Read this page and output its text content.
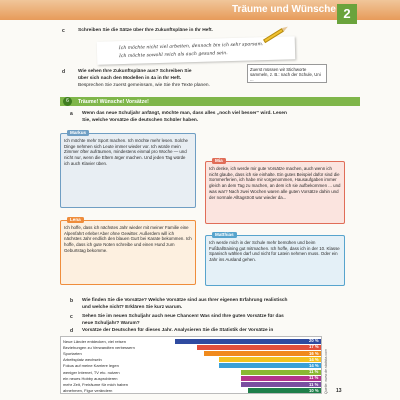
Träume und Wünsche 2
c	Schreiben Sie die Sätze über Ihre Zukunftspläne in Ihr Heft.
Ich möchte nicht viel arbeiten, dennoch bin ich sehr sparsam.
Ich möchte sowohl reich als auch gesund sein.
Zuerst müssen wir Stichworte sammeln, z. B.: nach der Schule, Uni ...
d	Wie sehen Ihre Zukunftspläne aus? Schreiben Sie
über sich nach den Modellen in 4a in Ihr Heft.
Besprechen Sie zuerst gemeinsam, wie Sie Ihre Texte planen.
6	Träume! Wünsche! Vorsätze!
a Wenn das neue Schuljahr anfängt, möchte man, dass alles „noch viel besser“ wird. Lesen
Sie, welche Vorsätze die deutschen Schüler haben.
Markus
Ich möchte mehr Sport machen. Ich möchte mehr lesen. Solche Dinge nehmen sich Leute immer wieder vor. Ich würde mein Zimmer öfter aufräumen, mindestens einmal pro Woche — und nicht nur, wenn die Eltern ärger machen. Und jeden Tag würde ich auch Klavier üben.
Mia
Ich denke, ich werde mir gute Vorsätze machen, auch wenn ich nicht glaube, dass ich sie einhalte. Ein gutes Beispiel dafür sind die Sommerferien, ich habe mir vorgenommen, Hausaufgaben immer gleich an dem Tag zu machen, an dem ich sie aufbekommen ... und was war? Nach zwei Wochen waren alle guten Vorsätze dahin und der normale Alltagstrott war wieder da...
Lena
Ich hoffe, dass ich nächstes Jahr wieder mit meiner Familie eine Alpenfahrt erlebe! Aber ohne Gewitter. Außerdem will ich nächstes Jahr endlich den blauen Gurt bei Karate bekommen. Ich hoffe, dass ich gute Noten schreibe und einen Hund zum Geburtstag bekomme.
Matthias
Ich werde mich in der Schule mehr bemühen und beim Fußballtraining gut mitmachen. Ich hoffe, dass ich in der 10. Klasse Spanisch wählen darf und nicht für Latein nehmen muss. Oder ein Jahr ins Ausland gehen.
b Wie finden Sie die Vorsätze? Welche Vorsätze sind aus Ihrer eigenen Erfahrung realistisch
und welche nicht? Erklären Sie kurz warum.
c Sehen Sie im neuen Schuljahr auch neue Chancen! Was sind Ihre guten Vorsätze für das
neue Schuljahr? Warum?
d Vorsätze der Deutschen für dieses Jahr. Analysieren Sie die Statistik der Vorsätze in
Neue Länder entdecken, viel reisen	20 %
Beziehungen zu Verwandten verbessern	17 %
Sportarten	16 %
Arbeitsplatz wechseln	14 %
Fokus auf meine Karriere legen	14 %
weniger Internet, TV etc. nutzen	11 %
ein neues Hobby ausprobieren	11 %
mehr Zeit, Freiräume für mich haben	11 %
abnehmen, Figur verändern	10 % Quelle: www.de.statista.com	13
